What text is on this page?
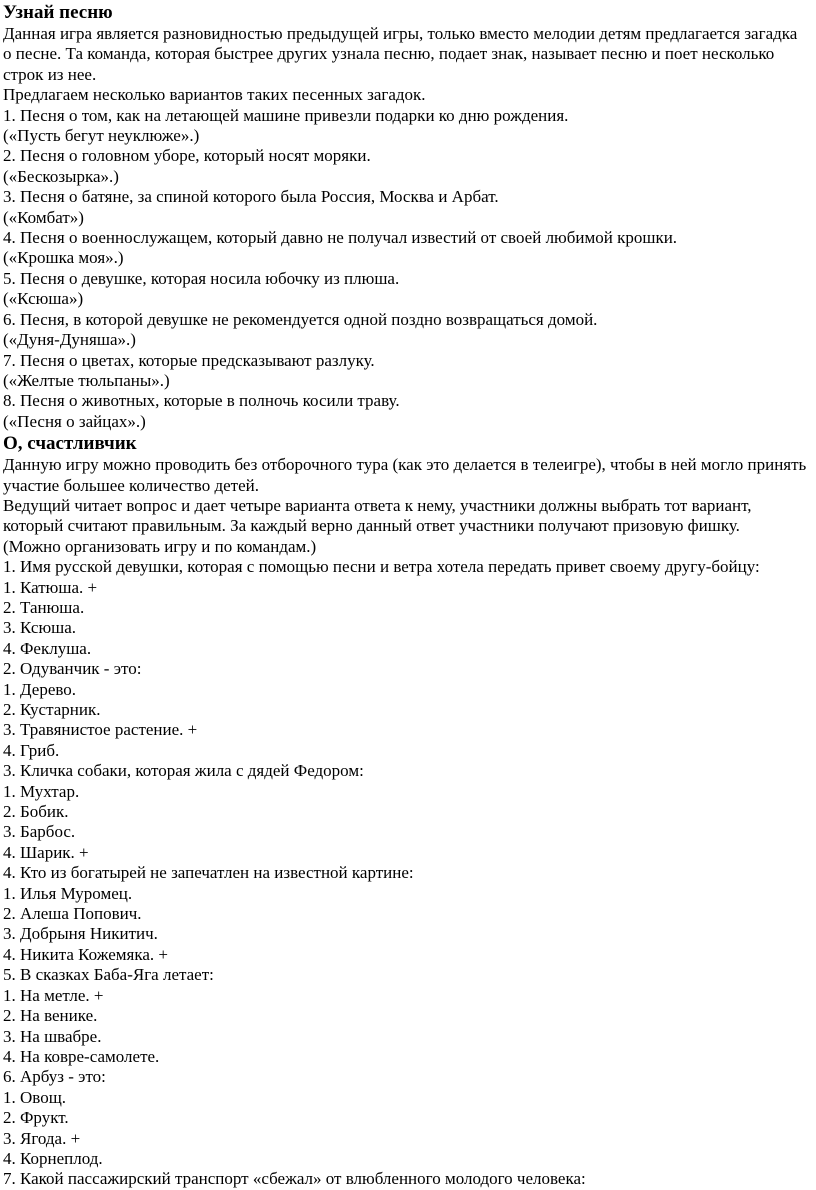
Узнай песню

Данная игра является разновидностью предыдущей игры, только вместо мелодии детям предлагается загадка о песне. Та команда, которая быстрее других узнала песню, подает знак, называет песню и поет несколько строк из нее.

Предлагаем несколько вариантов таких песенных загадок.

1. Песня о том, как на летающей машине привезли подарки ко дню рождения.

(«Пусть бегут неуклюже».)

2. Песня о головном уборе, который носят моряки.

(«Бескозырка».)

3. Песня о батяне, за спиной которого была Россия, Москва и Арбат.

(«Комбат»)

4. Песня о военнослужащем, который давно не получал известий от своей любимой крошки.

(«Крошка моя».)

5. Песня о девушке, которая носила юбочку из плюша.

(«Ксюша»)

6. Песня, в которой девушке не рекомендуется одной поздно возвращаться домой.

(«Дуня-Дуняша».)

7. Песня о цветах, которые предсказывают разлуку.

(«Желтые тюльпаны».)

8. Песня о животных, которые в полночь косили траву.

(«Песня о зайцах».)

О, счастливчик

Данную игру можно проводить без отборочного тура (как это делается в телеигре), чтобы в ней могло принять участие большее количество детей.

Ведущий читает вопрос и дает четыре варианта ответа к нему, участники должны выбрать тот вариант, который считают правильным. За каждый верно данный ответ участники получают призовую фишку.

(Можно организовать игру и по командам.)

1. Имя русской девушки, которая с помощью песни и ветра хотела передать привет своему другу-бойцу:

1. Катюша. +

2. Танюша.

3. Ксюша.

4. Феклуша.

2. Одуванчик - это:

1. Дерево.

2. Кустарник.

3. Травянистое растение. +

4. Гриб.

3. Кличка собаки, которая жила с дядей Федором:

1. Мухтар.

2. Бобик.

3. Барбос.

4. Шарик. +

4. Кто из богатырей не запечатлен на известной картине:

1. Илья Муромец.

2. Алеша Попович.

3. Добрыня Никитич.

4. Никита Кожемяка. +

5. В сказках Баба-Яга летает:

1. На метле. +

2. На венике.

3. На швабре.

4. На ковре-самолете.

6. Арбуз - это:

1. Овощ.

2. Фрукт.

3. Ягода. +

4. Корнеплод.

7. Какой пассажирский транспорт «сбежал» от влюбленного молодого человека:
